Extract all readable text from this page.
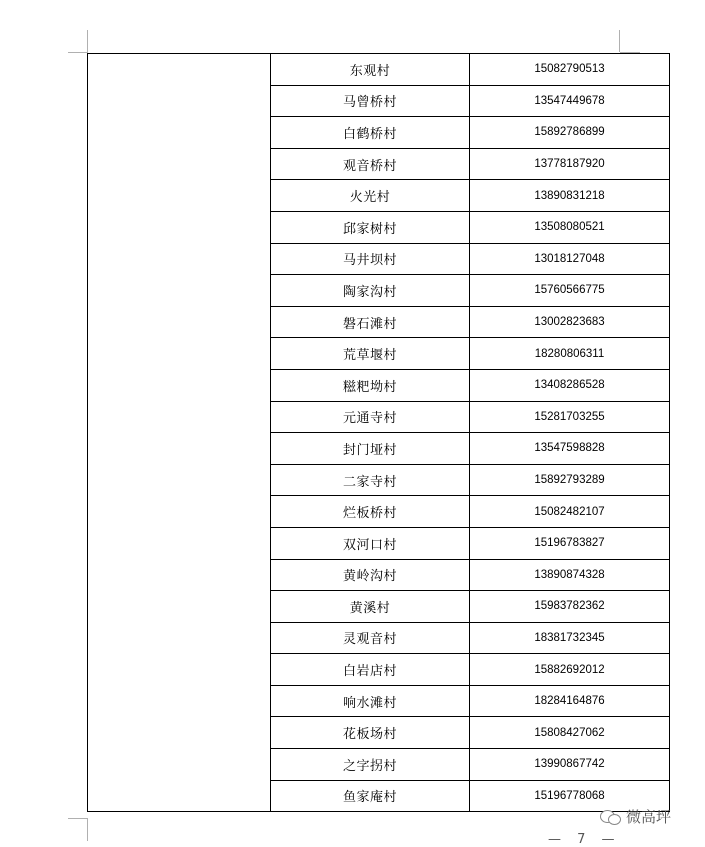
	东观村	15082790513
	马曾桥村	13547449678
	白鹤桥村	15892786899
	观音桥村	13778187920
	火光村	13890831218
	邱家树村	13508080521
	马井坝村	13018127048
	陶家沟村	15760566775
	磐石滩村	13002823683
	荒草堰村	18280806311
	糍粑坳村	13408286528
	元通寺村	15281703255
	封门垭村	13547598828
	二家寺村	15892793289
	烂板桥村	15082482107
	双河口村	15196783827
	黄岭沟村	13890874328
	黄溪村	15983782362
	灵观音村	18381732345
	白岩店村	15882692012
	响水滩村	18284164876
	花板场村	15808427062
	之字拐村	13990867742
	鱼家庵村	15196778068
微高坪
— 7 —
